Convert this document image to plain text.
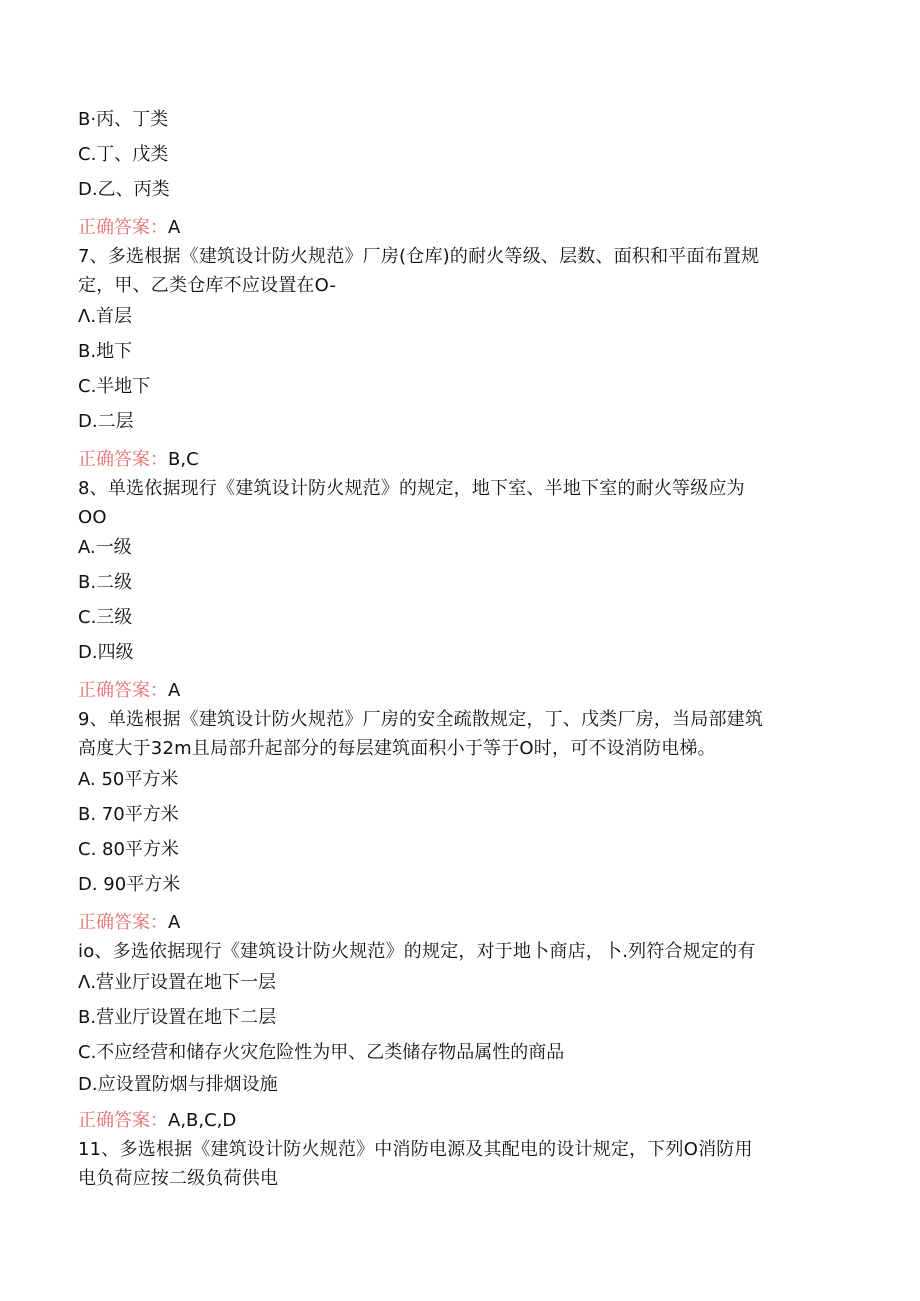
B·丙、丁类
C.丁、戊类
D.乙、丙类
正确答案：A
7、多选根据《建筑设计防火规范》厂房(仓库)的耐火等级、层数、面积和平面布置规
定，甲、乙类仓库不应设置在O-
Λ.首层
B.地下
C.半地下
D.二层
正确答案：B,C
8、单选依据现行《建筑设计防火规范》的规定，地下室、半地下室的耐火等级应为
OO
A.一级
B.二级
C.三级
D.四级
正确答案：A
9、单选根据《建筑设计防火规范》厂房的安全疏散规定，丁、戊类厂房，当局部建筑
高度大于32m且局部升起部分的每层建筑面积小于等于O时，可不设消防电梯。
A. 50平方米
B. 70平方米
C. 80平方米
D. 90平方米
正确答案：A
io、多选依据现行《建筑设计防火规范》的规定，对于地卜商店，卜.列符合规定的有
Λ.营业厅设置在地下一层
B.营业厅设置在地下二层
C.不应经营和储存火灾危险性为甲、乙类储存物品属性的商品
D.应设置防烟与排烟设施
正确答案：A,B,C,D
11、多选根据《建筑设计防火规范》中消防电源及其配电的设计规定，下列O消防用
电负荷应按二级负荷供电
